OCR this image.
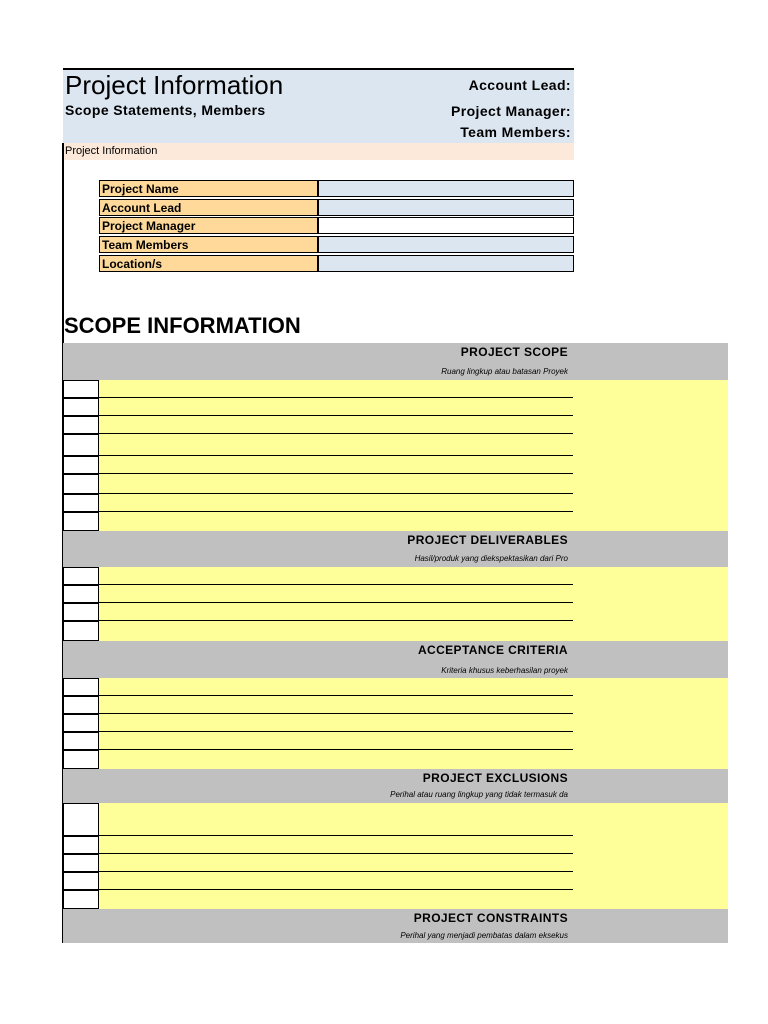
Project Information
Scope Statements, Members
Account Lead:
Project Manager:
Team Members:
Project Information
Project Name
Account Lead
Project Manager
Team Members
Location/s
SCOPE INFORMATION
PROJECT SCOPE
Ruang lingkup atau batasan Proyek
PROJECT DELIVERABLES
Hasil/produk yang diekspektasikan dari Pro
ACCEPTANCE CRITERIA
Kriteria khusus keberhasilan proyek
PROJECT EXCLUSIONS
Perihal atau ruang lingkup yang tidak termasuk da
PROJECT CONSTRAINTS
Perihal yang menjadi pembatas dalam eksekus
